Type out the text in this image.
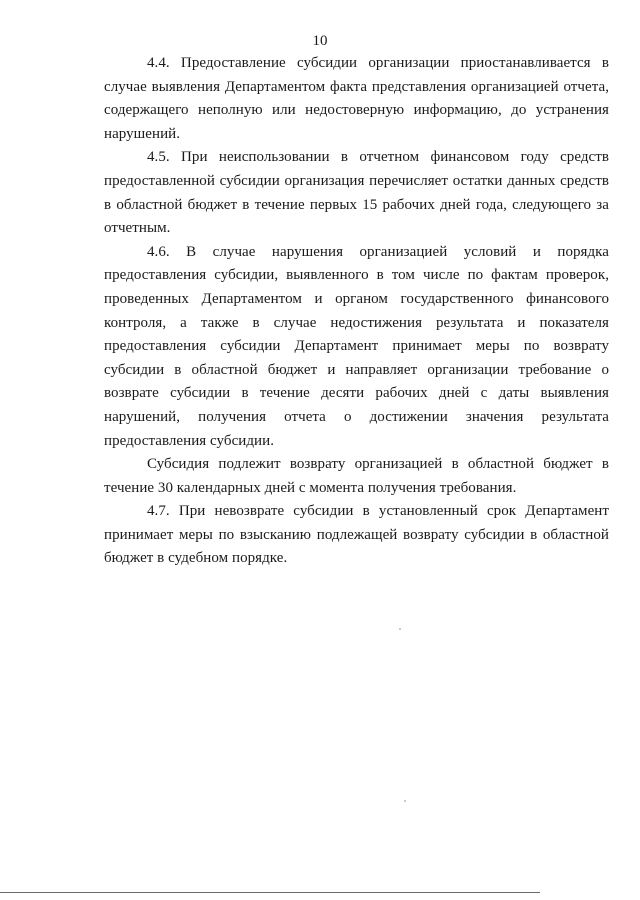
10

4.4. Предоставление субсидии организации приостанавливается в случае выявления Департаментом факта представления организацией отчета, содержащего неполную или недостоверную информацию, до устранения нарушений.

4.5. При неиспользовании в отчетном финансовом году средств предоставленной субсидии организация перечисляет остатки данных средств в областной бюджет в течение первых 15 рабочих дней года, следующего за отчетным.

4.6. В случае нарушения организацией условий и порядка предоставления субсидии, выявленного в том числе по фактам проверок, проведенных Департаментом и органом государственного финансового контроля, а также в случае недостижения результата и показателя предоставления субсидии Департамент принимает меры по возврату субсидии в областной бюджет и направляет организации требование о возврате субсидии в течение десяти рабочих дней с даты выявления нарушений, получения отчета о достижении значения результата предоставления субсидии.

Субсидия подлежит возврату организацией в областной бюджет в течение 30 календарных дней с момента получения требования.

4.7. При невозврате субсидии в установленный срок Департамент принимает меры по взысканию подлежащей возврату субсидии в областной бюджет в судебном порядке.
